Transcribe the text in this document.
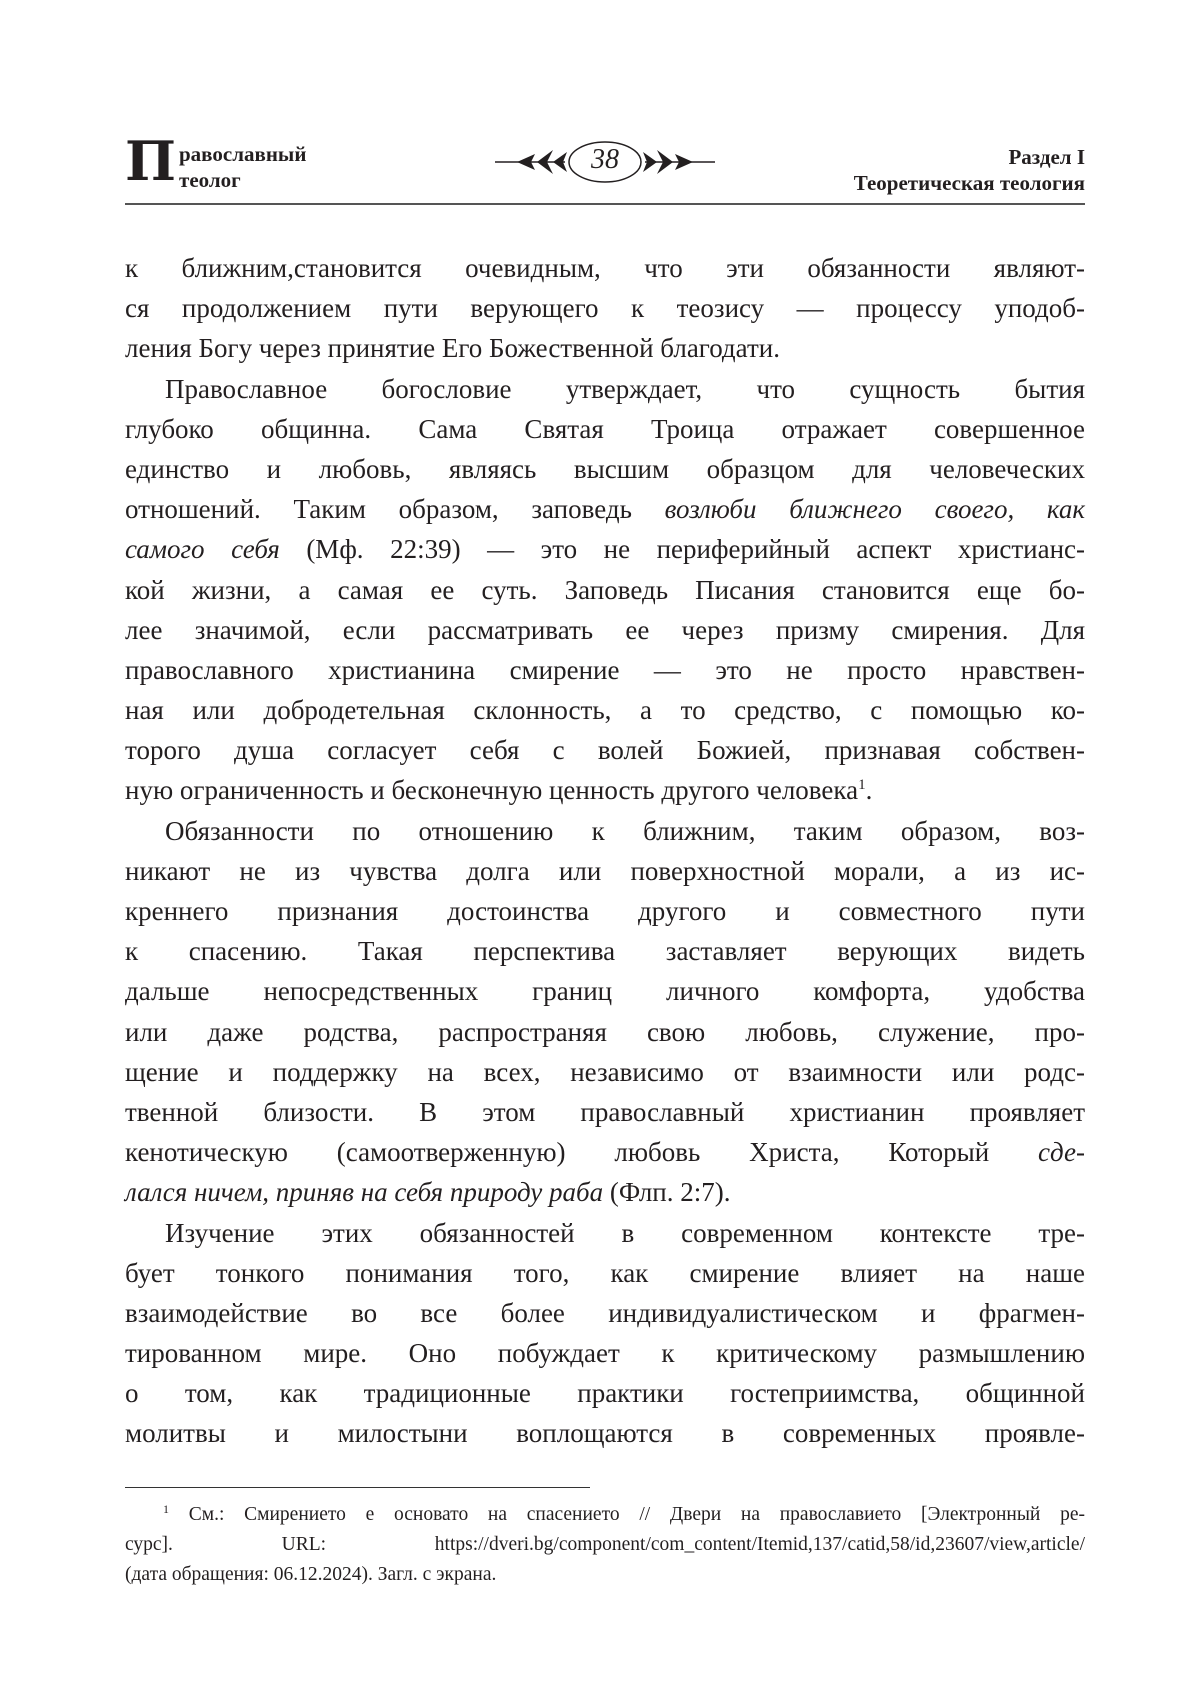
П равославный
теолог
38	Раздел I
Теоретическая теология
к ближним,становится очевидным, что эти обязанности являют-
ся продолжением пути верующего к теозису — процессу уподоб-
ления Богу через принятие Его Божественной благодати.
Православное богословие утверждает, что сущность бытия
глубоко общинна. Сама Святая Троица отражает совершенное
единство и любовь, являясь высшим образцом для человеческих
отношений. Таким образом, заповедь возлюби ближнего своего, как
самого себя (Мф. 22:39) — это не периферийный аспект христианс-
кой жизни, а самая ее суть. Заповедь Писания становится еще бо-
лее значимой, если рассматривать ее через призму смирения. Для
православного христианина смирение — это не просто нравствен-
ная или добродетельная склонность, а то средство, с помощью ко-
торого душа согласует себя с волей Божией, признавая собствен-
ную ограниченность и бесконечную ценность другого человека$^1$.
Обязанности по отношению к ближним, таким образом, воз-
никают не из чувства долга или поверхностной морали, а из ис-
креннего признания достоинства другого и совместного пути
к спасению. Такая перспектива заставляет верующих видеть
дальше непосредственных границ личного комфорта, удобства
или даже родства, распространяя свою любовь, служение, про-
щение и поддержку на всех, независимо от взаимности или родс-
твенной близости. В этом православный христианин проявляет
кенотическую (самоотверженную) любовь Христа, Который сде-
лался ничем, приняв на себя природу раба (Флп. 2:7).
Изучение этих обязанностей в современном контексте тре-
бует тонкого понимания того, как смирение влияет на наше
взаимодействие во все более индивидуалистическом и фрагмен-
тированном мире. Оно побуждает к критическому размышлению
о том, как традиционные практики гостеприимства, общинной
молитвы и милостыни воплощаются в современных проявле-
$^1$ См.: Смирениeто е основато на спасението // Двери на православието [Электронный ре-
сурс]. URL: https://dveri.bg/component/com_content/Itemid,137/catid,58/id,23607/view,article/
(дата обращения: 06.12.2024). Загл. с экрана.
